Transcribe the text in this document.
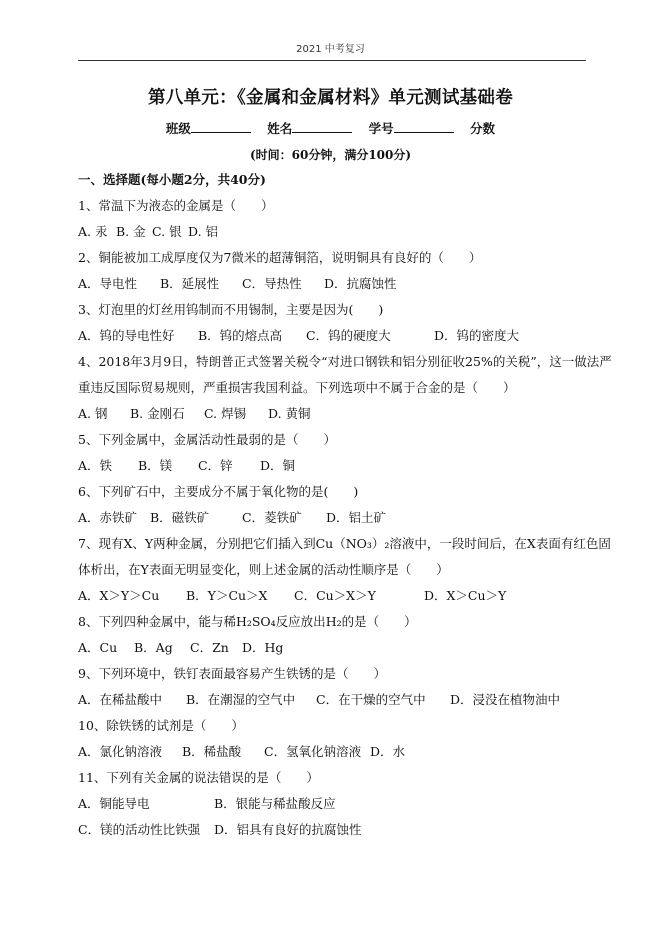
2021 中考复习
第八单元：《金属和金属材料》单元测试基础卷
班级	姓名	学号	分数
(时间：60分钟，满分100分)
一、选择题(每小题2分，共40分)
1、常温下为液态的金属是（　　）
A. 汞 B. 金 C. 银 D. 铝
2、铜能被加工成厚度仅为7微米的超薄铜箔，说明铜具有良好的（　　）
A．导电性	B．延展性	C．导热性	D．抗腐蚀性
3、灯泡里的灯丝用钨制而不用锡制，主要是因为(　　)
A．钨的导电性好	B．钨的熔点高	C．钨的硬度大	D．钨的密度大
4、2018年3月9日，特朗普正式签署关税令“对进口钢铁和铝分别征收25%的关税”，这一做法严
重违反国际贸易规则，严重损害我国利益。下列选项中不属于合金的是（　　）
A. 钢	B. 金刚石	C. 焊锡	D. 黄铜
5、下列金属中，金属活动性最弱的是（　　）
A．铁	B．镁	C．锌	D．铜
6、下列矿石中，主要成分不属于氧化物的是(　　)
A．赤铁矿	B．磁铁矿	C．菱铁矿	D．铝土矿
7、现有X、Y两种金属，分别把它们插入到Cu（NO₃）₂溶液中，一段时间后，在X表面有红色固
体析出，在Y表面无明显变化，则上述金属的活动性顺序是（　　）
A．X＞Y＞Cu	B．Y＞Cu＞X	C．Cu＞X＞Y	D．X＞Cu＞Y
8、下列四种金属中，能与稀H₂SO₄反应放出H₂的是（　　）
A．Cu	B．Ag	C．Zn	D．Hg
9、下列环境中，铁钉表面最容易产生铁锈的是（　　）
A．在稀盐酸中	B．在潮湿的空气中	C．在干燥的空气中	D．浸没在植物油中
10、除铁锈的试剂是（　　）
A．氯化钠溶液	B．稀盐酸	C．氢氧化钠溶液 D．水
11、下列有关金属的说法错误的是（　　）
A．铜能导电	B．银能与稀盐酸反应
C．镁的活动性比铁强	D．铝具有良好的抗腐蚀性
